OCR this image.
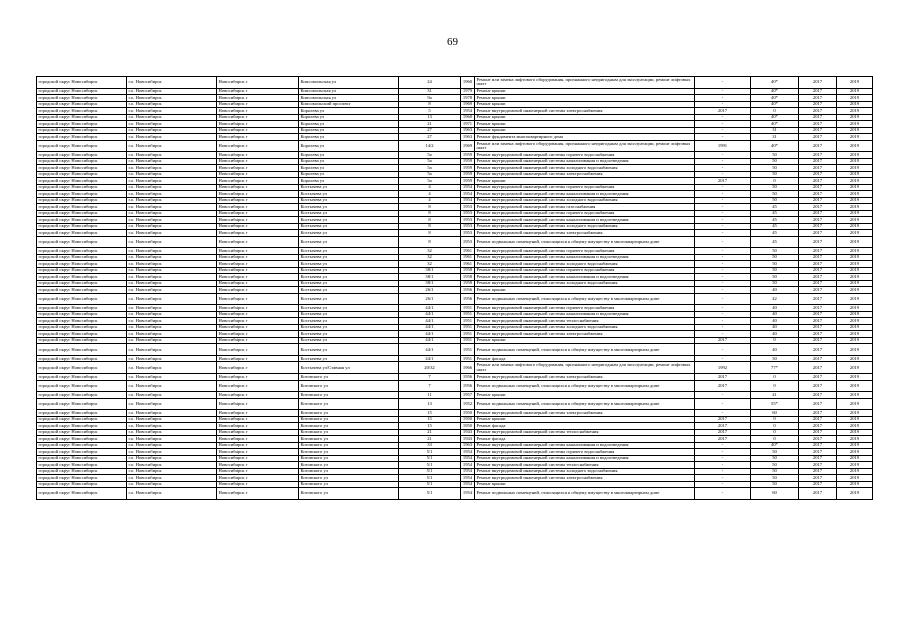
69
городской округ Новосибирск	г.о. Новосибирск	Новосибирск г	Комсомольская ул	24	1960	Ремонт или замена лифтового оборудования, признанного непригодным для эксплуатации, ремонт лифтовых шахт	-	40*	2017	2019
городской округ Новосибирск	г.о. Новосибирск	Новосибирск г	Комсомольская ул	31	1979	Ремонт крыши	-	40*	2017	2019
городской округ Новосибирск	г.о. Новосибирск	Новосибирск г	Комсомольская ул	9а	1978	Ремонт крыши	-	40*	2017	2019
городской округ Новосибирск	г.о. Новосибирск	Новосибирск г	Комсомольский проспект	8	1969	Ремонт крыши	-	40*	2017	2019
городской округ Новосибирск	г.о. Новосибирск	Новосибирск г	Королева ул	5	1954	Ремонт внутридомовой инженерной системы электроснабжения	2017	0	2017	2019
городской округ Новосибирск	г.о. Новосибирск	Новосибирск г	Королева ул	13	1960	Ремонт крыши	-	40*	2017	2019
городской округ Новосибирск	г.о. Новосибирск	Новосибирск г	Королева ул	21	1971	Ремонт крыши	-	40*	2017	2019
городской округ Новосибирск	г.о. Новосибирск	Новосибирск г	Королева ул	27	1963	Ремонт крыши	-	31	2017	2019
городской округ Новосибирск	г.о. Новосибирск	Новосибирск г	Королева ул	27	1963	Ремонт фундамента многоквартирного дома	-	31	2017	2019
городской округ Новосибирск	г.о. Новосибирск	Новосибирск г	Королева ул	14/2	1969	Ремонт или замена лифтового оборудования, признанного непригодным для эксплуатации, ремонт лифтовых шахт	1991	40*	2017	2019
городской округ Новосибирск	г.о. Новосибирск	Новосибирск г	Королева ул	5а	1959	Ремонт внутридомовой инженерной системы горячего водоснабжения	-	50	2017	2019
городской округ Новосибирск	г.о. Новосибирск	Новосибирск г	Королева ул	5а	1959	Ремонт внутридомовой инженерной системы канализования и водоотведения	-	50	2017	2019
городской округ Новосибирск	г.о. Новосибирск	Новосибирск г	Королева ул	5а	1959	Ремонт внутридомовой инженерной системы холодного водоснабжения	-	50	2017	2019
городской округ Новосибирск	г.о. Новосибирск	Новосибирск г	Королева ул	5а	1959	Ремонт внутридомовой инженерной системы электроснабжения	-	50	2017	2019
городской округ Новосибирск	г.о. Новосибирск	Новосибирск г	Королева ул	5а	1959	Ремонт крыши	2017	0	2017	2019
городской округ Новосибирск	г.о. Новосибирск	Новосибирск г	Костычева ул	4	1954	Ремонт внутридомовой инженерной системы горячего водоснабжения	-	50	2017	2019
городской округ Новосибирск	г.о. Новосибирск	Новосибирск г	Костычева ул	4	1954	Ремонт внутридомовой инженерной системы канализования и водоотведения	-	50	2017	2019
городской округ Новосибирск	г.о. Новосибирск	Новосибирск г	Костычева ул	4	1954	Ремонт внутридомовой инженерной системы холодного водоснабжения	-	50	2017	2019
городской округ Новосибирск	г.о. Новосибирск	Новосибирск г	Костычева ул	8	1953	Ремонт внутридомовой инженерной системы газоснабжения	-	45	2017	2019
городской округ Новосибирск	г.о. Новосибирск	Новосибирск г	Костычева ул	8	1953	Ремонт внутридомовой инженерной системы горячего водоснабжения	-	45	2017	2019
городской округ Новосибирск	г.о. Новосибирск	Новосибирск г	Костычева ул	8	1953	Ремонт внутридомовой инженерной системы канализования и водоотведения	-	45	2017	2019
городской округ Новосибирск	г.о. Новосибирск	Новосибирск г	Костычева ул	8	1953	Ремонт внутридомовой инженерной системы холодного водоснабжения	-	45	2017	2019
городской округ Новосибирск	г.о. Новосибирск	Новосибирск г	Костычева ул	8	1953	Ремонт внутридомовой инженерной системы электроснабжения	-	45	2017	2019
городской округ Новосибирск	г.о. Новосибирск	Новосибирск г	Костычева ул	8	1953	Ремонт подвальных помещений, относящихся к общему имуществу в многоквартирном доме	-	45	2017	2019
городской округ Новосибирск	г.о. Новосибирск	Новосибирск г	Костычева ул	32	1961	Ремонт внутридомовой инженерной системы горячего водоснабжения	-	50	2017	2019
городской округ Новосибирск	г.о. Новосибирск	Новосибирск г	Костычева ул	32	1961	Ремонт внутридомовой инженерной системы канализования и водоотведения	-	50	2017	2019
городской округ Новосибирск	г.о. Новосибирск	Новосибирск г	Костычева ул	32	1961	Ремонт внутридомовой инженерной системы холодного водоснабжения	-	50	2017	2019
городской округ Новосибирск	г.о. Новосибирск	Новосибирск г	Костычева ул	38/1	1958	Ремонт внутридомовой инженерной системы горячего водоснабжения	-	50	2017	2019
городской округ Новосибирск	г.о. Новосибирск	Новосибирск г	Костычева ул	38/1	1958	Ремонт внутридомовой инженерной системы канализования и водоотведения	-	50	2017	2019
городской округ Новосибирск	г.о. Новосибирск	Новосибирск г	Костычева ул	38/1	1958	Ремонт внутридомовой инженерной системы холодного водоснабжения	-	50	2017	2019
городской округ Новосибирск	г.о. Новосибирск	Новосибирск г	Костычева ул	26/1	1956	Ремонт крыши	-	40	2017	2019
городской округ Новосибирск	г.о. Новосибирск	Новосибирск г	Костычева ул	26/1	1956	Ремонт подвальных помещений, относящихся к общему имуществу в многоквартирном доме	-	42	2017	2019
городской округ Новосибирск	г.о. Новосибирск	Новосибирск г	Костычева ул	44/1	1951	Ремонт внутридомовой инженерной системы горячего водоснабжения	-	40	2017	2019
городской округ Новосибирск	г.о. Новосибирск	Новосибирск г	Костычева ул	44/1	1951	Ремонт внутридомовой инженерной системы канализования и водоотведения	-	40	2017	2019
городской округ Новосибирск	г.о. Новосибирск	Новосибирск г	Костычева ул	44/1	1951	Ремонт внутридомовой инженерной системы теплоснабжения	-	40	2017	2019
городской округ Новосибирск	г.о. Новосибирск	Новосибирск г	Костычева ул	44/1	1951	Ремонт внутридомовой инженерной системы холодного водоснабжения	-	40	2017	2019
городской округ Новосибирск	г.о. Новосибирск	Новосибирск г	Костычева ул	44/1	1951	Ремонт внутридомовой инженерной системы электроснабжения	-	40	2017	2019
городской округ Новосибирск	г.о. Новосибирск	Новосибирск г	Костычева ул	44/1	1951	Ремонт крыши	2017	0	2017	2019
городской округ Новосибирск	г.о. Новосибирск	Новосибирск г	Костычева ул	44/1	1951	Ремонт подвальных помещений, относящихся к общему имуществу в многоквартирном доме	-	40	2017	2019
городской округ Новосибирск	г.о. Новосибирск	Новосибирск г	Костычева ул	44/1	1951	Ремонт фасада	-	50	2017	2019
городской округ Новосибирск	г.о. Новосибирск	Новосибирск г	Костычева ул/Ставная ул	20/32	1966	Ремонт или замена лифтового оборудования, признанного непригодным для эксплуатации, ремонт лифтовых шахт	1992	77*	2017	2019
городской округ Новосибирск	г.о. Новосибирск	Новосибирск г	Котовского ул	7	1956	Ремонт внутридомовой инженерной системы электроснабжения	2017	0	2017	2019
городской округ Новосибирск	г.о. Новосибирск	Новосибирск г	Котовского ул	7	1956	Ремонт подвальных помещений, относящихся к общему имуществу в многоквартирном доме	2017	0	2017	2019
городской округ Новосибирск	г.о. Новосибирск	Новосибирск г	Котовского ул	11	1957	Ремонт крыши	-	41	2017	2019
городской округ Новосибирск	г.о. Новосибирск	Новосибирск г	Котовского ул	13	1952	Ремонт подвальных помещений, относящихся к общему имуществу в многоквартирном доме	-	55*	2017	2019
городской округ Новосибирск	г.о. Новосибирск	Новосибирск г	Котовского ул	15	1950	Ремонт внутридомовой инженерной системы электроснабжения	-	60	2017	2019
городской округ Новосибирск	г.о. Новосибирск	Новосибирск г	Котовского ул	15	1950	Ремонт крыши	2017	0	2017	2019
городской округ Новосибирск	г.о. Новосибирск	Новосибирск г	Котовского ул	15	1950	Ремонт фасада	2017	0	2017	2019
городской округ Новосибирск	г.о. Новосибирск	Новосибирск г	Котовского ул	21	1943	Ремонт внутридомовой инженерной системы теплоснабжения	2017	0	2017	2019
городской округ Новосибирск	г.о. Новосибирск	Новосибирск г	Котовского ул	21	1943	Ремонт фасада	2017	0	2017	2019
городской округ Новосибирск	г.о. Новосибирск	Новосибирск г	Котовского ул	33	1963	Ремонт внутридомовой инженерной системы канализования и водоотведения	-	40*	2017	2019
городской округ Новосибирск	г.о. Новосибирск	Новосибирск г	Котовского ул	5/1	1954	Ремонт внутридомовой инженерной системы горячего водоснабжения	-	50	2017	2019
городской округ Новосибирск	г.о. Новосибирск	Новосибирск г	Котовского ул	5/1	1954	Ремонт внутридомовой инженерной системы канализования и водоотведения	-	50	2017	2019
городской округ Новосибирск	г.о. Новосибирск	Новосибирск г	Котовского ул	5/1	1954	Ремонт внутридомовой инженерной системы теплоснабжения	-	50	2017	2019
городской округ Новосибирск	г.о. Новосибирск	Новосибирск г	Котовского ул	5/1	1954	Ремонт внутридомовой инженерной системы холодного водоснабжения	-	50	2017	2019
городской округ Новосибирск	г.о. Новосибирск	Новосибирск г	Котовского ул	5/1	1954	Ремонт внутридомовой инженерной системы электроснабжения	-	50	2017	2019
городской округ Новосибирск	г.о. Новосибирск	Новосибирск г	Котовского ул	5/1	1954	Ремонт крыши	-	50	2017	2019
городской округ Новосибирск	г.о. Новосибирск	Новосибирск г	Котовского ул	5/1	1954	Ремонт подвальных помещений, относящихся к общему имуществу в многоквартирном доме	-	60	2017	2019
